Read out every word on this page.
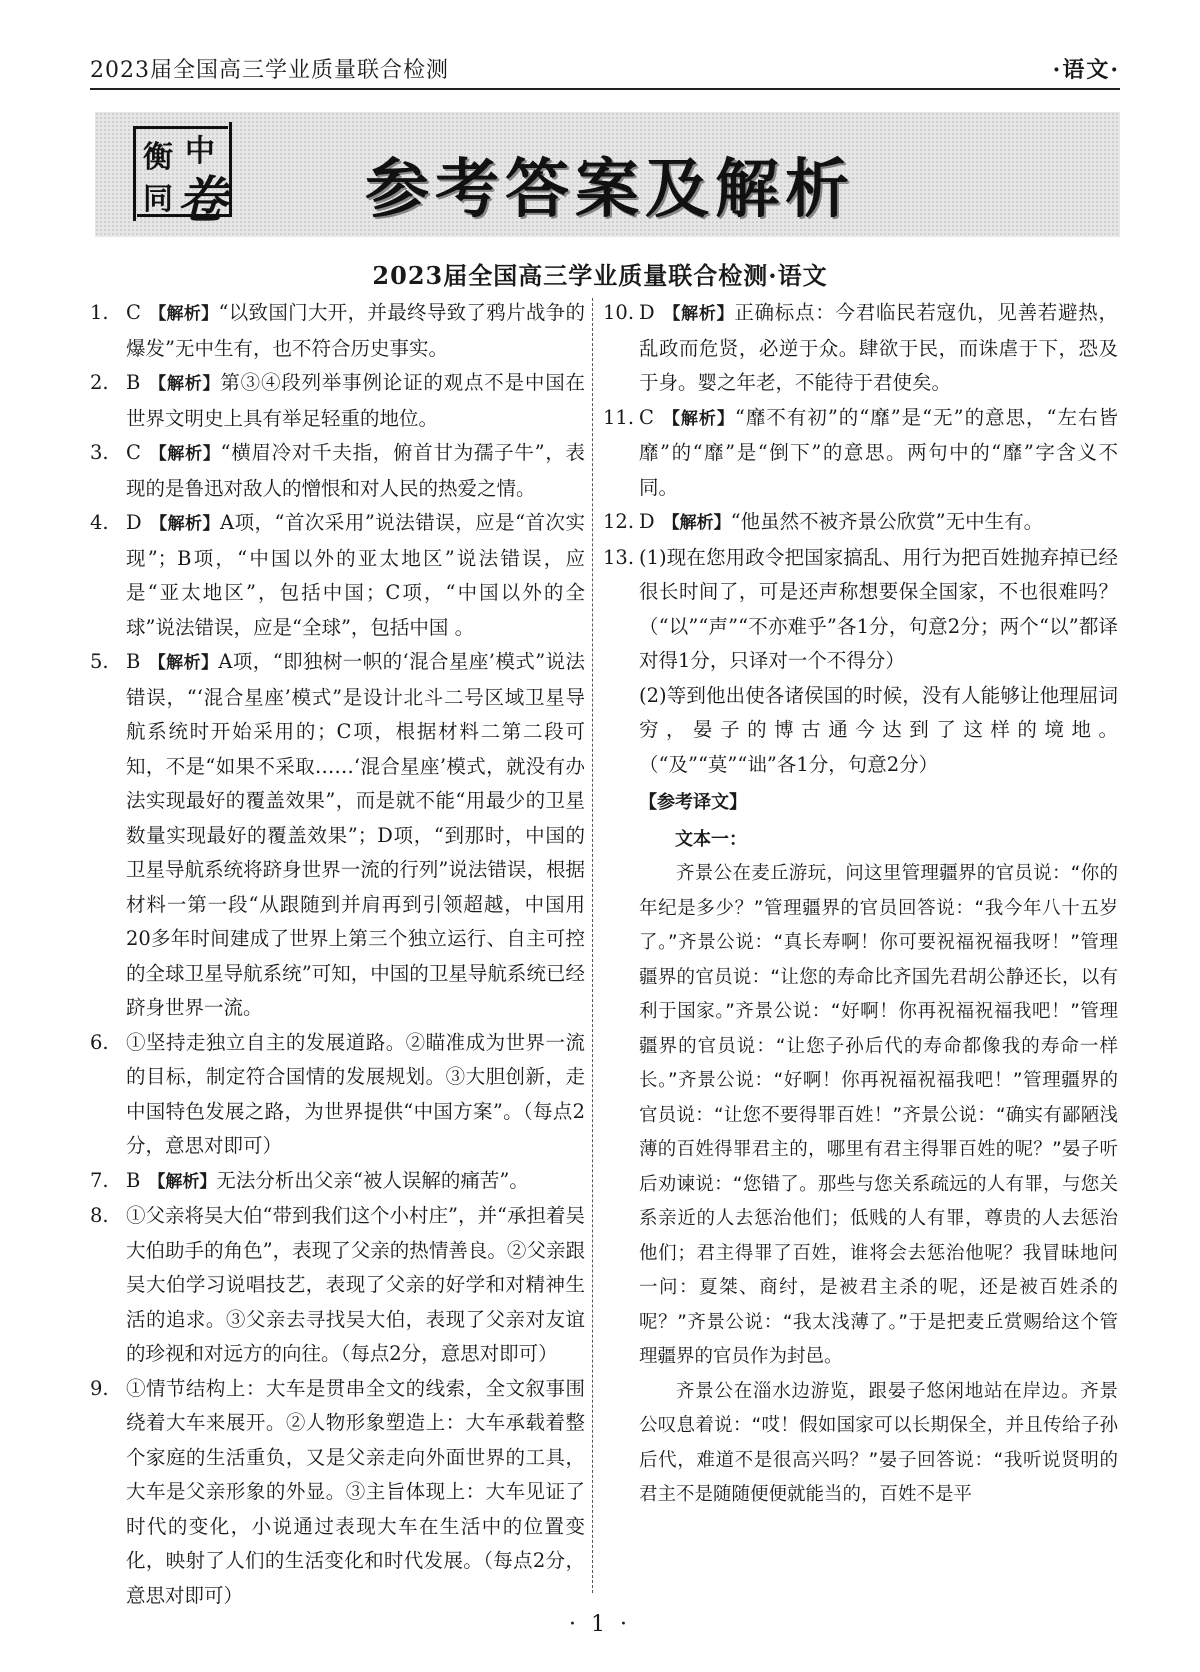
2023届全国高三学业质量联合检测	·语文·
衡 中
同 卷 参考答案及解析
2023届全国高三学业质量联合检测·语文

1. C 【解析】“以致国门大开，并最终导致了鸦片战争的爆发”无中生有，也不符合历史事实。

2. B 【解析】第③④段列举事例论证的观点不是中国在世界文明史上具有举足轻重的地位。

3. C 【解析】“横眉冷对千夫指，俯首甘为孺子牛”，表现的是鲁迅对敌人的憎恨和对人民的热爱之情。

4. D 【解析】A项，“首次采用”说法错误，应是“首次实现”；B项，“中国以外的亚太地区”说法错误，应是“亚太地区”，包括中国；C项，“中国以外的全球”说法错误，应是“全球”，包括中国 。

5. B 【解析】A项，“即独树一帜的‘混合星座’模式”说法错误，“‘混合星座’模式”是设计北斗二号区域卫星导航系统时开始采用的；C项，根据材料二第二段可知，不是“如果不采取……‘混合星座’模式，就没有办法实现最好的覆盖效果”，而是就不能“用最少的卫星数量实现最好的覆盖效果”；D项，“到那时，中国的卫星导航系统将跻身世界一流的行列”说法错误，根据材料一第一段“从跟随到并肩再到引领超越，中国用20多年时间建成了世界上第三个独立运行、自主可控的全球卫星导航系统”可知，中国的卫星导航系统已经跻身世界一流。

6. ①坚持走独立自主的发展道路。②瞄准成为世界一流的目标，制定符合国情的发展规划。③大胆创新，走中国特色发展之路，为世界提供“中国方案”。（每点2分，意思对即可）

7. B 【解析】无法分析出父亲“被人误解的痛苦”。

8. ①父亲将吴大伯“带到我们这个小村庄”，并“承担着吴大伯助手的角色”，表现了父亲的热情善良。②父亲跟吴大伯学习说唱技艺，表现了父亲的好学和对精神生活的追求。③父亲去寻找吴大伯，表现了父亲对友谊的珍视和对远方的向往。（每点2分，意思对即可）

9. ①情节结构上：大车是贯串全文的线索，全文叙事围绕着大车来展开。②人物形象塑造上：大车承载着整个家庭的生活重负，又是父亲走向外面世界的工具，大车是父亲形象的外显。③主旨体现上：大车见证了时代的变化，小说通过表现大车在生活中的位置变化，映射了人们的生活变化和时代发展。（每点2分，意思对即可）

10. D 【解析】正确标点：今君临民若寇仇，见善若避热，乱政而危贤，必逆于众。肆欲于民，而诛虐于下，恐及于身。婴之年老，不能待于君使矣。

11. C 【解析】“靡不有初”的“靡”是“无”的意思，“左右皆靡”的“靡”是“倒下”的意思。两句中的“靡”字含义不同。

12. D 【解析】“他虽然不被齐景公欣赏”无中生有。

13. (1)现在您用政令把国家搞乱、用行为把百姓抛弃掉已经很长时间了，可是还声称想要保全国家，不也很难吗？（“以”“声”“不亦难乎”各1分，句意2分；两个“以”都译对得1分，只译对一个不得分）

(2)等到他出使各诸侯国的时候，没有人能够让他理屈词穷，晏子的博古通今达到了这样的境地。（“及”“莫”“诎”各1分，句意2分）

【参考译文】
文本一：

齐景公在麦丘游玩，问这里管理疆界的官员说：“你的年纪是多少？”管理疆界的官员回答说：“我今年八十五岁了。”齐景公说：“真长寿啊！你可要祝福祝福我呀！”管理疆界的官员说：“让您的寿命比齐国先君胡公静还长，以有利于国家。”齐景公说：“好啊！你再祝福祝福我吧！”管理疆界的官员说：“让您子孙后代的寿命都像我的寿命一样长。”齐景公说：“好啊！你再祝福祝福我吧！”管理疆界的官员说：“让您不要得罪百姓！”齐景公说：“确实有鄙陋浅薄的百姓得罪君主的，哪里有君主得罪百姓的呢？”晏子听后劝谏说：“您错了。那些与您关系疏远的人有罪，与您关系亲近的人去惩治他们；低贱的人有罪，尊贵的人去惩治他们；君主得罪了百姓，谁将会去惩治他呢？我冒昧地问一问：夏桀、商纣，是被君主杀的呢，还是被百姓杀的呢？”齐景公说：“我太浅薄了。”于是把麦丘赏赐给这个管理疆界的官员作为封邑。

齐景公在淄水边游览，跟晏子悠闲地站在岸边。齐景公叹息着说：“哎！假如国家可以长期保全，并且传给子孙后代，难道不是很高兴吗？”晏子回答说：“我听说贤明的君主不是随随便便就能当的，百姓不是平

· 1 ·
